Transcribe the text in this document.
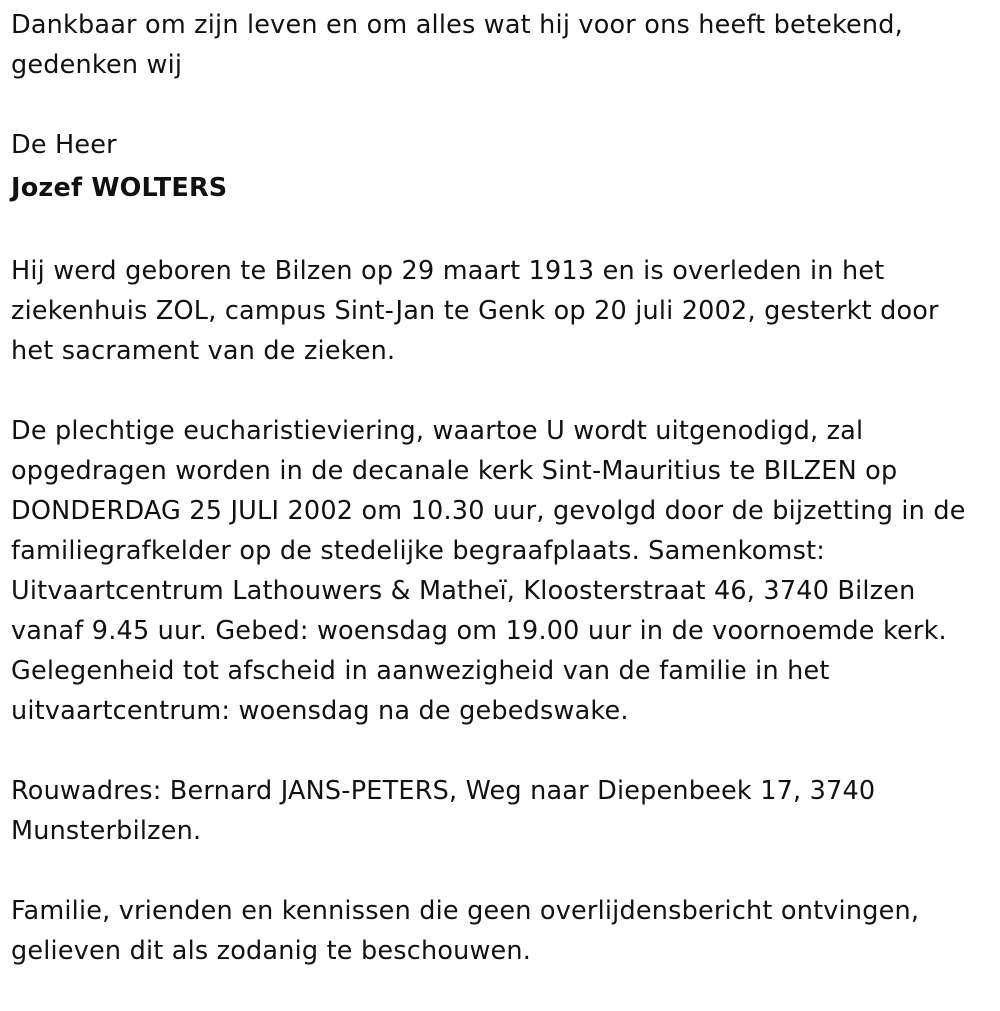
Dankbaar om zijn leven en om alles wat hij voor ons heeft betekend, gedenken wij

De Heer

Jozef WOLTERS

Hij werd geboren te Bilzen op 29 maart 1913 en is overleden in het ziekenhuis ZOL, campus Sint-Jan te Genk op 20 juli 2002, gesterkt door het sacrament van de zieken.

De plechtige eucharistieviering, waartoe U wordt uitgenodigd, zal opgedragen worden in de decanale kerk Sint-Mauritius te BILZEN op DONDERDAG 25 JULI 2002 om 10.30 uur, gevolgd door de bijzetting in de familiegrafkelder op de stedelijke begraafplaats. Samenkomst: Uitvaartcentrum Lathouwers & Matheï, Kloosterstraat 46, 3740 Bilzen vanaf 9.45 uur. Gebed: woensdag om 19.00 uur in de voornoemde kerk. Gelegenheid tot afscheid in aanwezigheid van de familie in het uitvaartcentrum: woensdag na de gebedswake.

Rouwadres: Bernard JANS-PETERS, Weg naar Diepenbeek 17, 3740 Munsterbilzen.

Familie, vrienden en kennissen die geen overlijdensbericht ontvingen, gelieven dit als zodanig te beschouwen.
